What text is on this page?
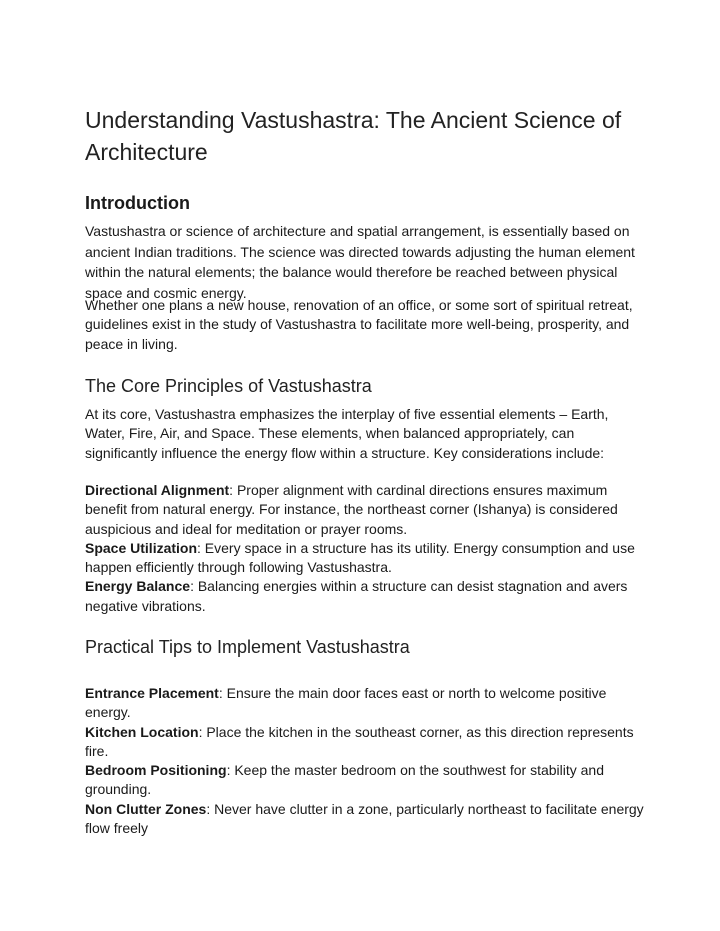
Understanding Vastushastra: The Ancient Science of Architecture
Introduction

Vastushastra or science of architecture and spatial arrangement, is essentially based on ancient Indian traditions. The science was directed towards adjusting the human element within the natural elements; the balance would therefore be reached between physical space and cosmic energy.

Whether one plans a new house, renovation of an office, or some sort of spiritual retreat, guidelines exist in the study of Vastushastra to facilitate more well-being, prosperity, and peace in living.

The Core Principles of Vastushastra

At its core, Vastushastra emphasizes the interplay of five essential elements – Earth, Water, Fire, Air, and Space. These elements, when balanced appropriately, can significantly influence the energy flow within a structure. Key considerations include:

Directional Alignment: Proper alignment with cardinal directions ensures maximum benefit from natural energy. For instance, the northeast corner (Ishanya) is considered auspicious and ideal for meditation or prayer rooms.

Space Utilization: Every space in a structure has its utility. Energy consumption and use happen efficiently through following Vastushastra.

Energy Balance: Balancing energies within a structure can desist stagnation and avers negative vibrations.

Practical Tips to Implement Vastushastra

Entrance Placement: Ensure the main door faces east or north to welcome positive energy.

Kitchen Location: Place the kitchen in the southeast corner, as this direction represents fire.

Bedroom Positioning: Keep the master bedroom on the southwest for stability and grounding.

Non Clutter Zones: Never have clutter in a zone, particularly northeast to facilitate energy flow freely
